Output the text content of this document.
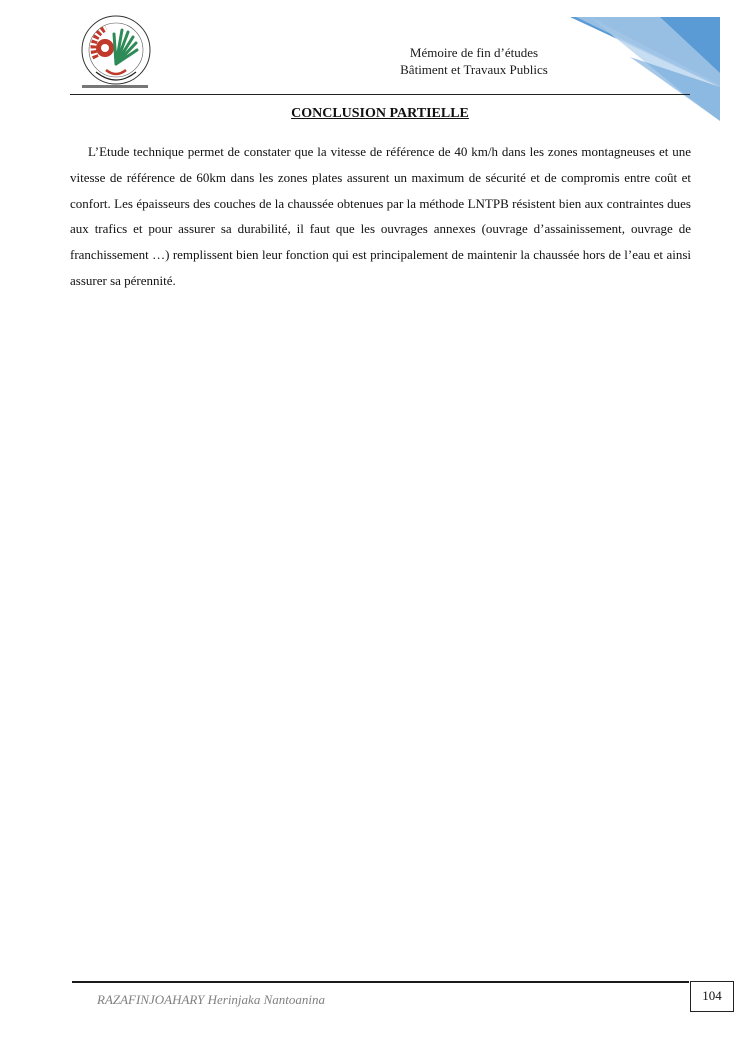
Mémoire de fin d’études
Bâtiment et Travaux Publics
CONCLUSION PARTIELLE

L’Etude technique permet de constater que la vitesse de référence de 40 km/h dans les zones montagneuses et une vitesse de référence de 60km dans les zones plates assurent un maximum de sécurité et de compromis entre coût et confort. Les épaisseurs des couches de la chaussée obtenues par la méthode LNTPB résistent bien aux contraintes dues aux trafics et pour assurer sa durabilité, il faut que les ouvrages annexes (ouvrage d’assainissement, ouvrage de franchissement …) remplissent bien leur fonction qui est principalement de maintenir la chaussée hors de l’eau et ainsi assurer sa pérennité.

RAZAFINJOAHARY Herinjaka Nantoanina	104
